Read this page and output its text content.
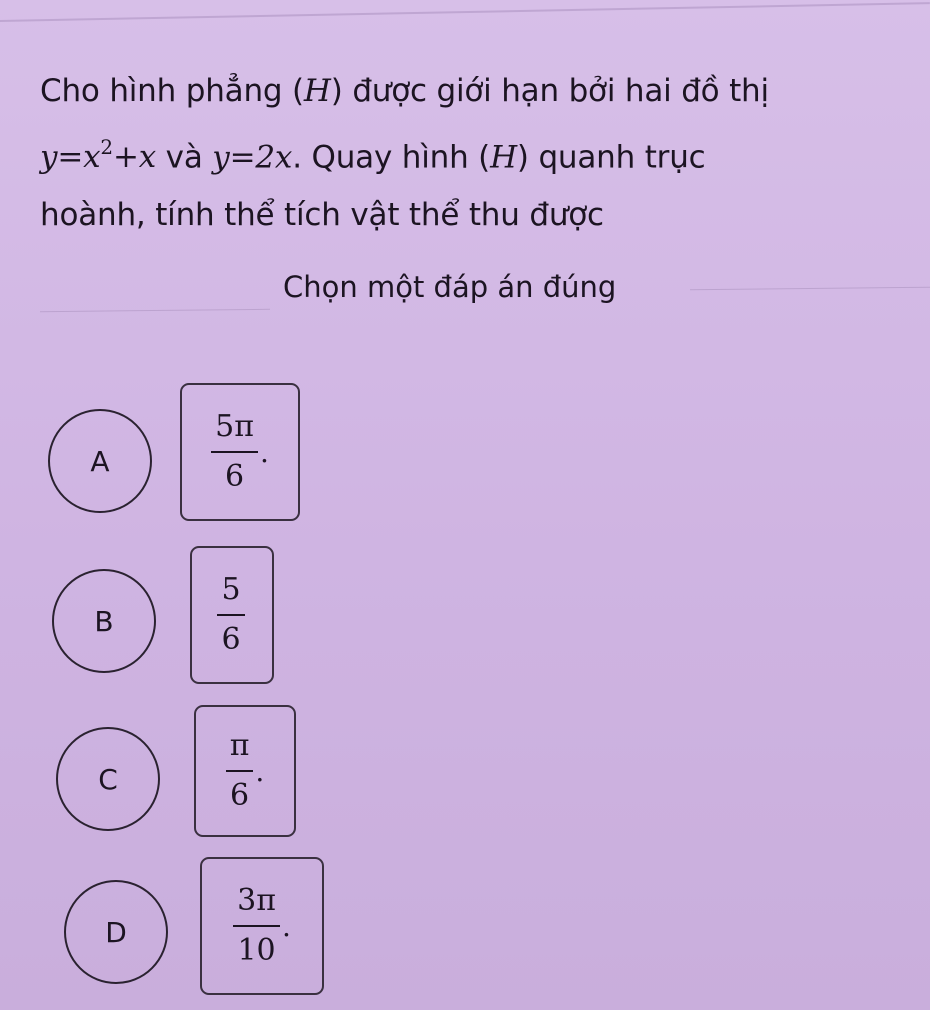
Cho hình phẳng (H) được giới hạn bởi hai đồ thị
$y=x^2+x$ và y=2x. Quay hình (H) quanh trục
hoành, tính thể tích vật thể thu được
Chọn một đáp án đúng
A	$\frac{5\pi}{6}$ .
B	$\frac{5}{6}$
C	$\frac{\pi}{6}$ .
D	$\frac{3\pi}{10}$ .
